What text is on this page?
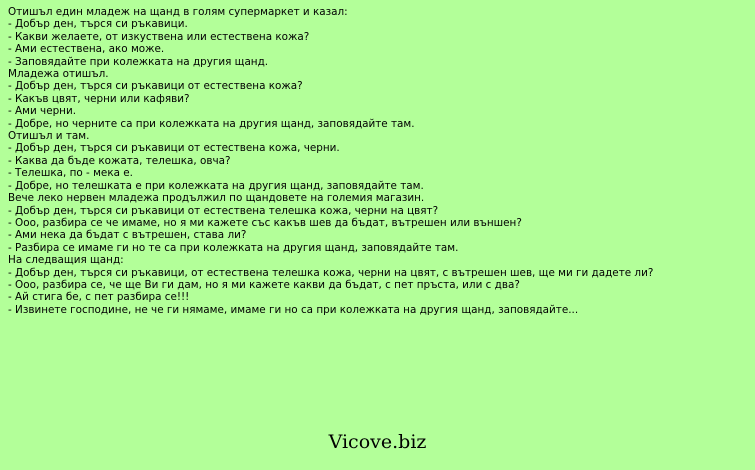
Отишъл един младеж на щанд в голям супермаркет и казал:
- Добър ден, търся си ръкавици.
- Какви желаете, от изкуствена или естествена кожа?
- Ами естествена, ако може.
- Заповядайте при колежката на другия щанд.
Младежа отишъл.
- Добър ден, търся си ръкавици от естествена кожа?
- Какъв цвят, черни или кафяви?
- Ами черни.
- Добре, но черните са при колежката на другия щанд, заповядайте там.
Отишъл и там.
- Добър ден, търся си ръкавици от естествена кожа, черни.
- Каква да бъде кожата, телешка, овча?
- Телешка, по - мека е.
- Добре, но телешката е при колежката на другия щанд, заповядайте там.
Вече леко нервен младежа продължил по щандовете на големия магазин.
- Добър ден, търся си ръкавици от естествена телешка кожа, черни на цвят?
- Ооо, разбира се че имаме, но я ми кажете със какъв шев да бъдат, вътрешен или външен?
- Ами нека да бъдат с вътрешен, става ли?
- Разбира се имаме ги но те са при колежката на другия щанд, заповядайте там.
На следващия щанд:
- Добър ден, търся си ръкавици, от естествена телешка кожа, черни на цвят, с вътрешен шев, ще ми ги дадете ли?
- Ооо, разбира се, че ще Ви ги дам, но я ми кажете какви да бъдат, с пет пръста, или с два?
- Ай стига бе, с пет разбира се!!!
- Извинете господине, не че ги нямаме, имаме ги но са при колежката на другия щанд, заповядайте...
Vicove.biz
